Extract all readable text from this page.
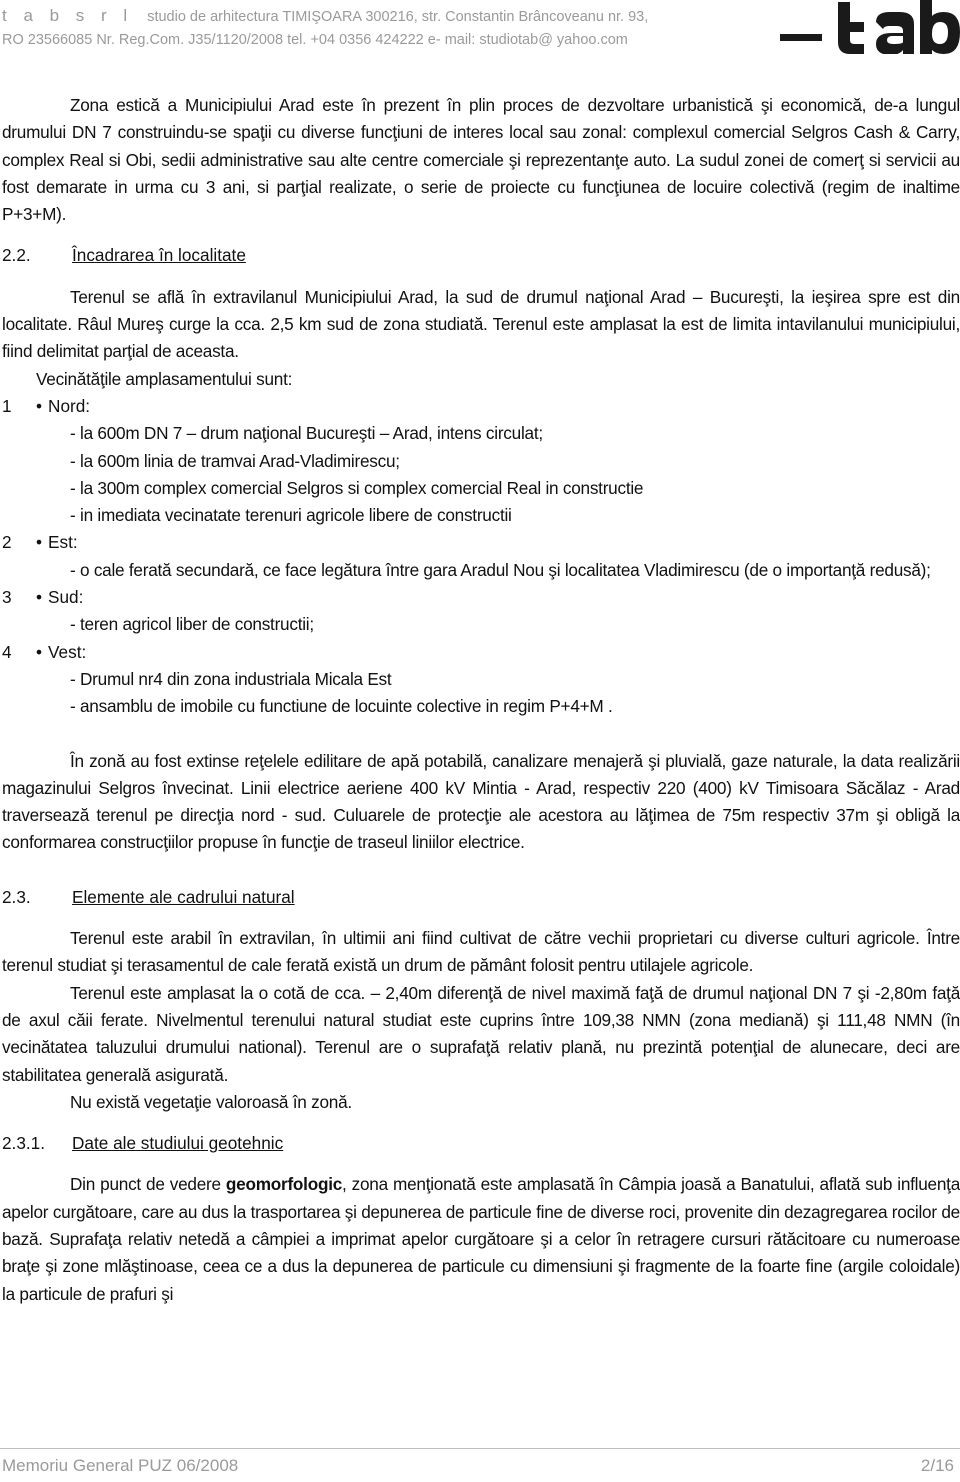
t a b s r l studio de arhitectura TIMIŞOARA 300216, str. Constantin Brâncoveanu nr. 93,
RO 23566085 Nr. Reg.Com. J35/1120/2008 tel. +04 0356 424222 e- mail: studiotab@ yahoo.com

Zona estică a Municipiului Arad este în prezent în plin proces de dezvoltare urbanistică şi economică, de-a lungul drumului DN 7 construindu-se spaţii cu diverse funcţiuni de interes local sau zonal: complexul comercial Selgros Cash & Carry, complex Real si Obi, sedii administrative sau alte centre comerciale şi reprezentanţe auto. La sudul zonei de comerţ si servicii au fost demarate in urma cu 3 ani, si parţial realizate, o serie de proiecte cu funcţiunea de locuire colectivă (regim de inaltime P+3+M).

2.2. Încadrarea în localitate

Terenul se află în extravilanul Municipiului Arad, la sud de drumul naţional Arad – Bucureşti, la ieşirea spre est din localitate. Râul Mureş curge la cca. 2,5 km sud de zona studiată. Terenul este amplasat la est de limita intavilanului municipiului, fiind delimitat parţial de aceasta.

Vecinătăţile amplasamentului sunt:

1 • Nord:
- la 600m DN 7 – drum naţional Bucureşti – Arad, intens circulat;
- la 600m linia de tramvai Arad-Vladimirescu;
- la 300m complex comercial Selgros si complex comercial Real in constructie
- in imediata vecinatate terenuri agricole libere de constructii
2 • Est:
- o cale ferată secundară, ce face legătura între gara Aradul Nou şi localitatea Vladimirescu (de o importanţă redusă);
3 • Sud:
- teren agricol liber de constructii;
4 • Vest:
- Drumul nr4 din zona industriala Micala Est
- ansamblu de imobile cu functiune de locuinte colective in regim P+4+M .

În zonă au fost extinse reţelele edilitare de apă potabilă, canalizare menajeră şi pluvială, gaze naturale, la data realizării magazinului Selgros învecinat. Linii electrice aeriene 400 kV Mintia - Arad, respectiv 220 (400) kV Timisoara Săcălaz - Arad traversează terenul pe direcţia nord - sud. Culuarele de protecţie ale acestora au lăţimea de 75m respectiv 37m şi obligă la conformarea construcţiilor propuse în funcţie de traseul liniilor electrice.

2.3. Elemente ale cadrului natural

Terenul este arabil în extravilan, în ultimii ani fiind cultivat de către vechii proprietari cu diverse culturi agricole. Între terenul studiat şi terasamentul de cale ferată există un drum de pământ folosit pentru utilajele agricole.

Terenul este amplasat la o cotă de cca. – 2,40m diferenţă de nivel maximă faţă de drumul naţional DN 7 şi -2,80m faţă de axul căii ferate. Nivelmentul terenului natural studiat este cuprins între 109,38 NMN (zona mediană) şi 111,48 NMN (în vecinătatea taluzului drumului national). Terenul are o suprafaţă relativ plană, nu prezintă potenţial de alunecare, deci are stabilitatea generală asigurată.

Nu există vegetaţie valoroasă în zonă.

2.3.1. Date ale studiului geotehnic

Din punct de vedere geomorfologic, zona menţionată este amplasată în Câmpia joasă a Banatului, aflată sub influenţa apelor curgătoare, care au dus la trasportarea şi depunerea de particule fine de diverse roci, provenite din dezagregarea rocilor de bază. Suprafaţa relativ netedă a câmpiei a imprimat apelor curgătoare şi a celor în retragere cursuri rătăcitoare cu numeroase braţe şi zone mlăştinoase, ceea ce a dus la depunerea de particule cu dimensiuni şi fragmente de la foarte fine (argile coloidale) la particule de prafuri şi

Memoriu General PUZ 06/2008	2/16
